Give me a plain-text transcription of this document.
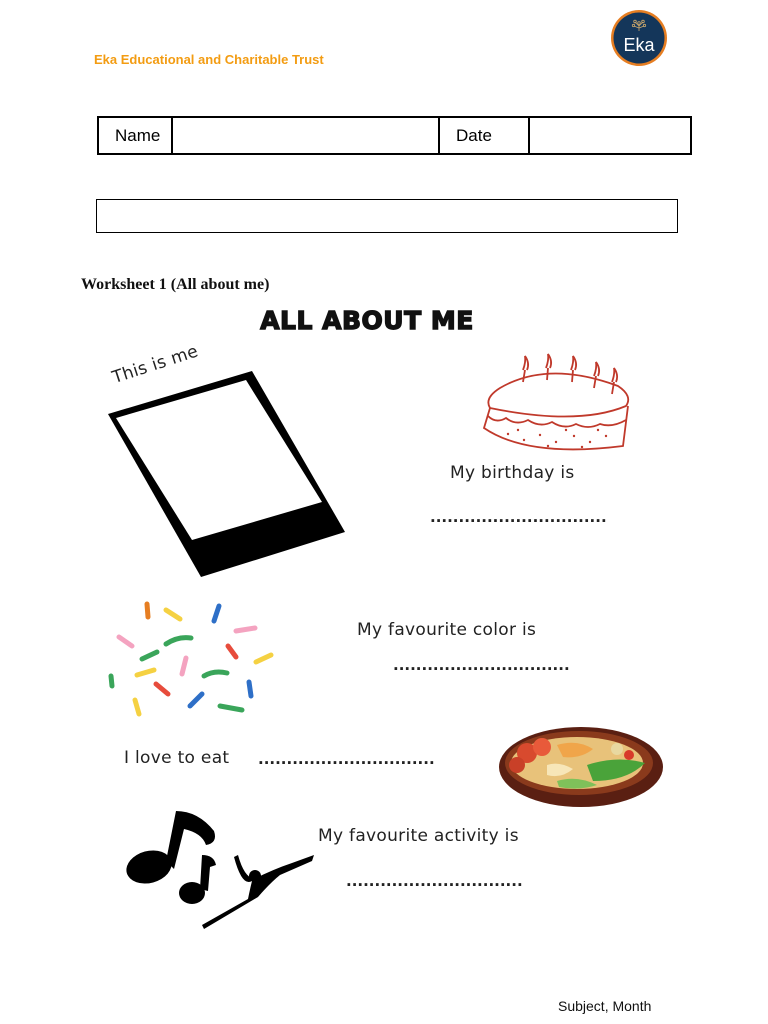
Eka Educational and Charitable Trust
Eka
Name		Date	
Worksheet 1 (All about me)
ALL ABOUT ME
This is me
My birthday is
...............................
My favourite color is
...............................
I love to eat ...............................
My favourite activity is
...............................
Subject, Month
